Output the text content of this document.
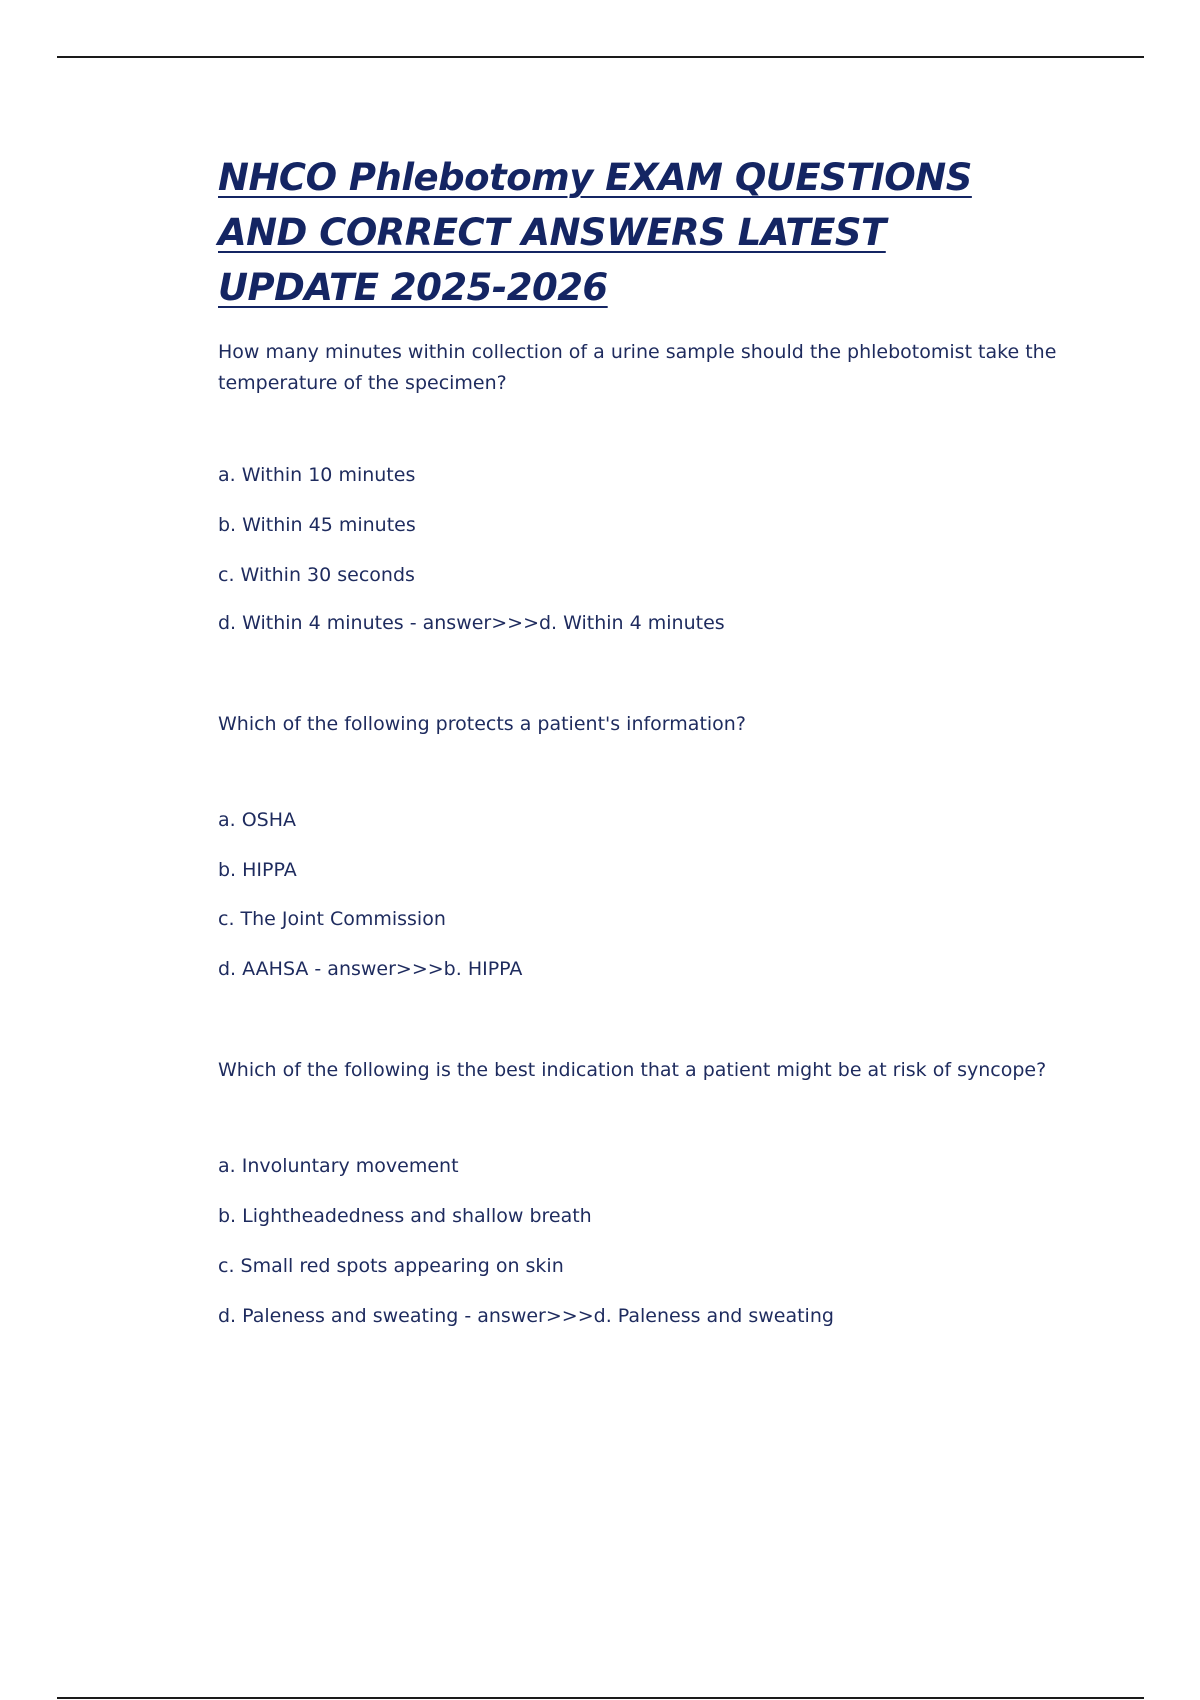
NHCO Phlebotomy EXAM QUESTIONS AND CORRECT ANSWERS LATEST UPDATE 2025-2026

How many minutes within collection of a urine sample should the phlebotomist take the temperature of the specimen?

a. Within 10 minutes

b. Within 45 minutes

c. Within 30 seconds

d. Within 4 minutes - answer>>>d. Within 4 minutes

Which of the following protects a patient's information?

a. OSHA

b. HIPPA

c. The Joint Commission

d. AAHSA - answer>>>b. HIPPA

Which of the following is the best indication that a patient might be at risk of syncope?

a. Involuntary movement

b. Lightheadedness and shallow breath

c. Small red spots appearing on skin

d. Paleness and sweating - answer>>>d. Paleness and sweating
